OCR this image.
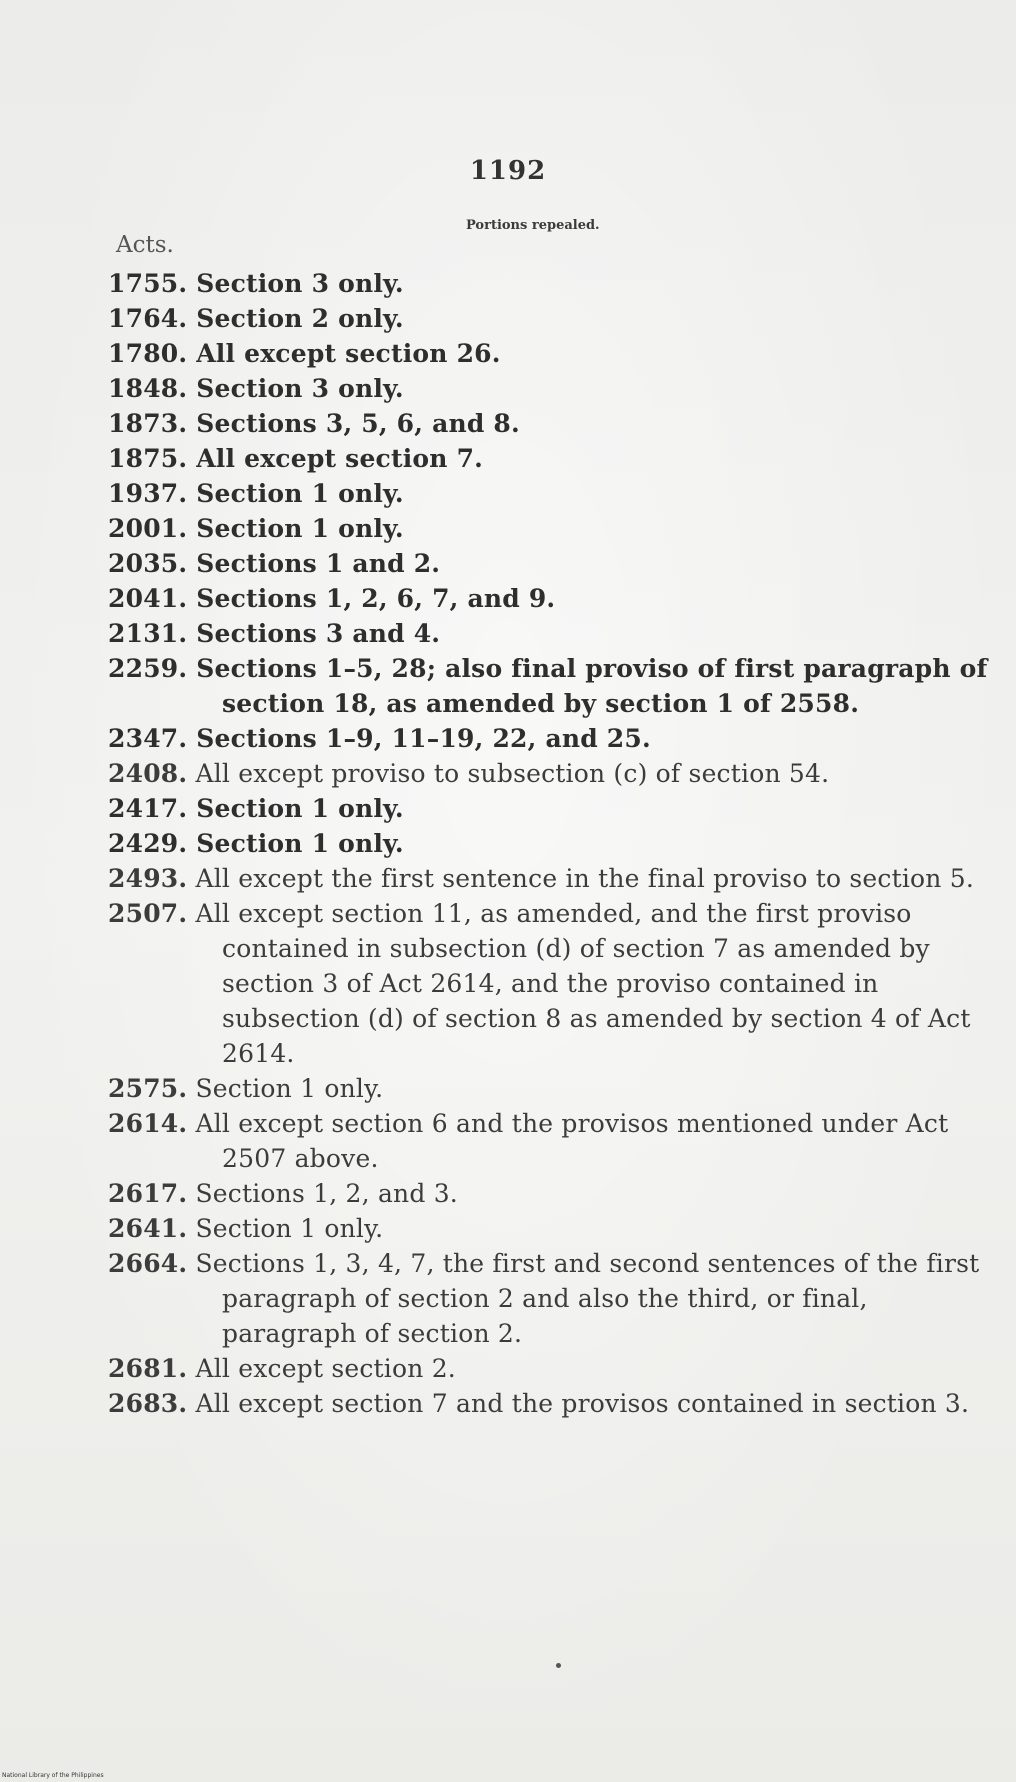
1192
Portions repealed.
Acts.
1755. Section 3 only.
1764. Section 2 only.
1780. All except section 26.
1848. Section 3 only.
1873. Sections 3, 5, 6, and 8.
1875. All except section 7.
1937. Section 1 only.
2001. Section 1 only.
2035. Sections 1 and 2.
2041. Sections 1, 2, 6, 7, and 9.
2131. Sections 3 and 4.
2259. Sections 1–5, 28; also final proviso of first paragraph of section 18, as amended by section 1 of 2558.
2347. Sections 1–9, 11–19, 22, and 25.
2408. All except proviso to subsection (c) of section 54.
2417. Section 1 only.
2429. Section 1 only.
2493. All except the first sentence in the final proviso to section 5.
2507. All except section 11, as amended, and the first proviso contained in subsection (d) of section 7 as amended by section 3 of Act 2614, and the proviso contained in subsection (d) of section 8 as amended by section 4 of Act 2614.
2575. Section 1 only.
2614. All except section 6 and the provisos mentioned under Act 2507 above.
2617. Sections 1, 2, and 3.
2641. Section 1 only.
2664. Sections 1, 3, 4, 7, the first and second sentences of the first paragraph of section 2 and also the third, or final, paragraph of section 2.
2681. All except section 2.
2683. All except section 7 and the provisos contained in section 3.
National Library of the Philippines
